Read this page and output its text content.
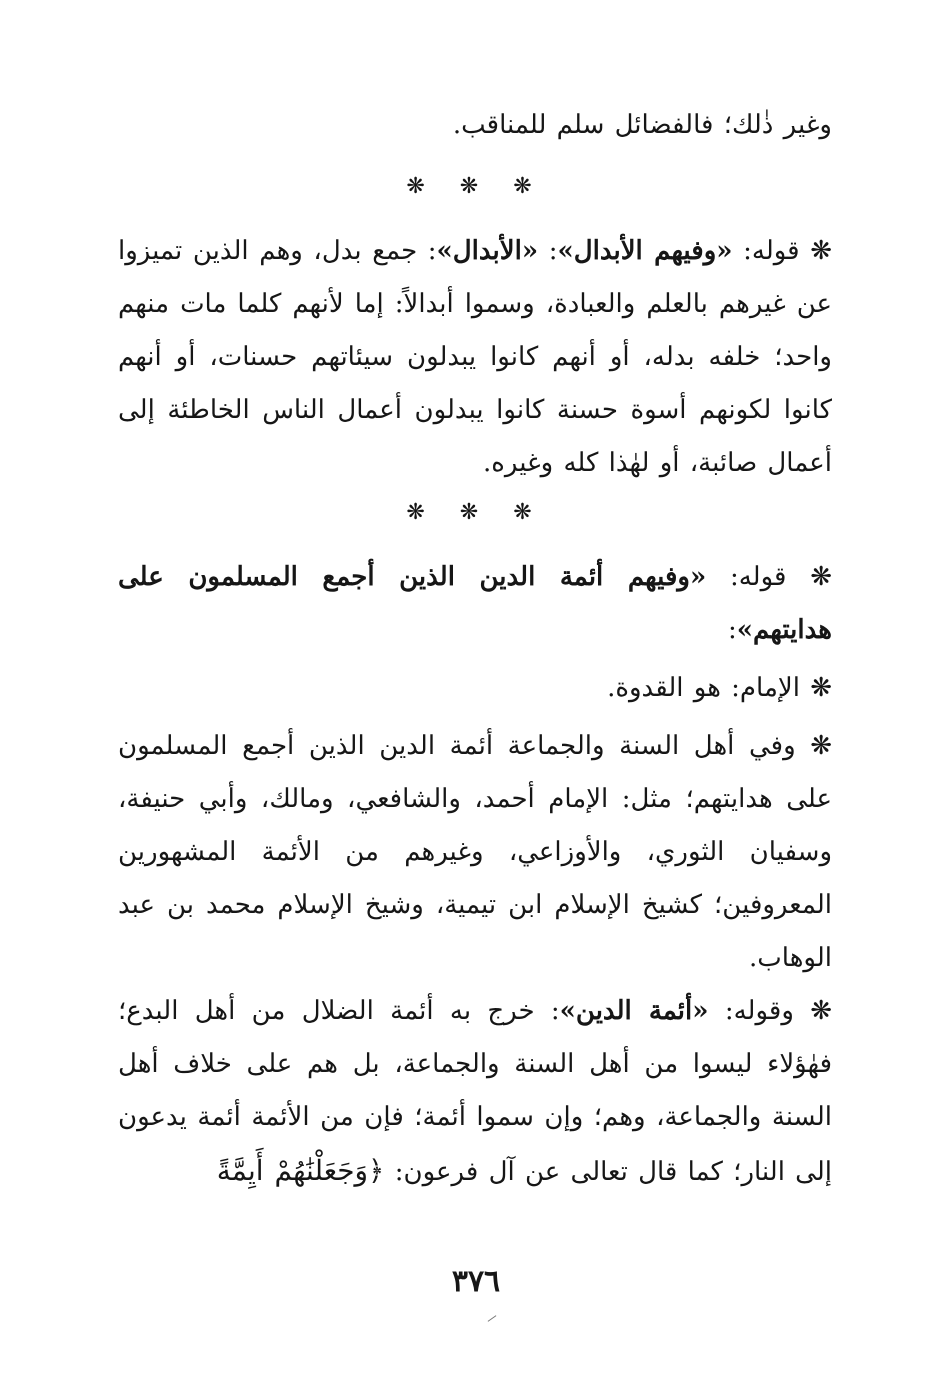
وغير ذٰلك؛ فالفضائل سلم للمناقب.

❋ ❋ ❋

❋ قوله: «وفيهم الأبدال»: «الأبدال»: جمع بدل، وهم الذين تميزوا عن غيرهم بالعلم والعبادة، وسموا أبدالاً: إما لأنهم كلما مات منهم واحد؛ خلفه بدله، أو أنهم كانوا يبدلون سيئاتهم حسنات، أو أنهم كانوا لكونهم أسوة حسنة كانوا يبدلون أعمال الناس الخاطئة إلى أعمال صائبة، أو لهٰذا كله وغيره.

❋ ❋ ❋

❋ قوله: «وفيهم أئمة الدين الذين أجمع المسلمون على هدايتهم»:

❋ الإمام: هو القدوة.

❋ وفي أهل السنة والجماعة أئمة الدين الذين أجمع المسلمون على هدايتهم؛ مثل: الإمام أحمد، والشافعي، ومالك، وأبي حنيفة، وسفيان الثوري، والأوزاعي، وغيرهم من الأئمة المشهورين المعروفين؛ كشيخ الإسلام ابن تيمية، وشيخ الإسلام محمد بن عبد الوهاب.

❋ وقوله: «أئمة الدين»: خرج به أئمة الضلال من أهل البدع؛ فهٰؤلاء ليسوا من أهل السنة والجماعة، بل هم على خلاف أهل السنة والجماعة، وهم؛ وإن سموا أئمة؛ فإن من الأئمة أئمة يدعون إلى النار؛ كما قال تعالى عن آل فرعون: ﴿وَجَعَلْنَٰهُمْ أَيِمَّةً

٣٧٦
